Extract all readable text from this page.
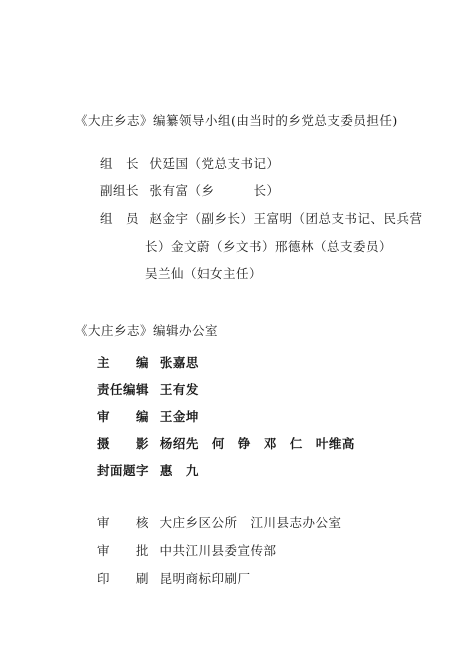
《大庄乡志》编纂领导小组(由当时的乡党总支委员担任)
组　长 伏廷国（党总支书记）
副组长 张有富（乡　　　长）
组　员 赵金宇（副乡长）王富明（团总支书记、民兵营
长）金文蔚（乡文书）邢德林（总支委员）
吴兰仙（妇女主任）
《大庄乡志》编辑办公室
主　　编 张嘉思
责任编辑 王有发
审　　编 王金坤
摄　　影 杨绍先　何　铮　邓　仁　叶维高
封面题字 惠　九
审　　核 大庄乡区公所　江川县志办公室
审　　批 中共江川县委宣传部
印　　刷 昆明商标印刷厂
